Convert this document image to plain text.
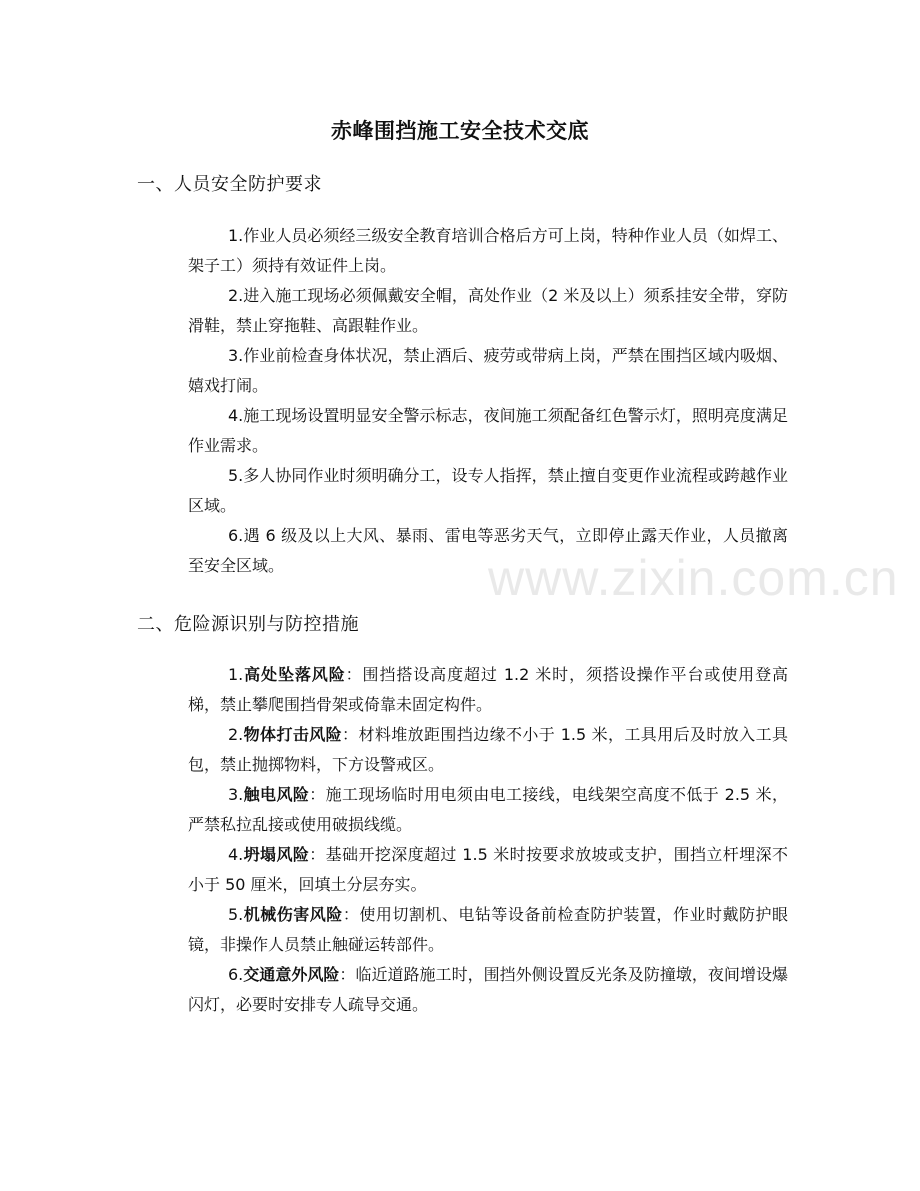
赤峰围挡施工安全技术交底
一、人员安全防护要求

1.作业人员必须经三级安全教育培训合格后方可上岗，特种作业人员（如焊工、架子工）须持有效证件上岗。

2.进入施工现场必须佩戴安全帽，高处作业（2 米及以上）须系挂安全带，穿防滑鞋，禁止穿拖鞋、高跟鞋作业。

3.作业前检查身体状况，禁止酒后、疲劳或带病上岗，严禁在围挡区域内吸烟、嬉戏打闹。

4.施工现场设置明显安全警示标志，夜间施工须配备红色警示灯，照明亮度满足作业需求。

5.多人协同作业时须明确分工，设专人指挥，禁止擅自变更作业流程或跨越作业区域。

6.遇 6 级及以上大风、暴雨、雷电等恶劣天气，立即停止露天作业，人员撤离至安全区域。

二、危险源识别与防控措施

1.高处坠落风险：围挡搭设高度超过 1.2 米时，须搭设操作平台或使用登高梯，禁止攀爬围挡骨架或倚靠未固定构件。

2.物体打击风险：材料堆放距围挡边缘不小于 1.5 米，工具用后及时放入工具包，禁止抛掷物料，下方设警戒区。

3.触电风险：施工现场临时用电须由电工接线，电线架空高度不低于 2.5 米，严禁私拉乱接或使用破损线缆。

4.坍塌风险：基础开挖深度超过 1.5 米时按要求放坡或支护，围挡立杆埋深不小于 50 厘米，回填土分层夯实。

5.机械伤害风险：使用切割机、电钻等设备前检查防护装置，作业时戴防护眼镜，非操作人员禁止触碰运转部件。

6.交通意外风险：临近道路施工时，围挡外侧设置反光条及防撞墩，夜间增设爆闪灯，必要时安排专人疏导交通。

www.zixin.com.cn
